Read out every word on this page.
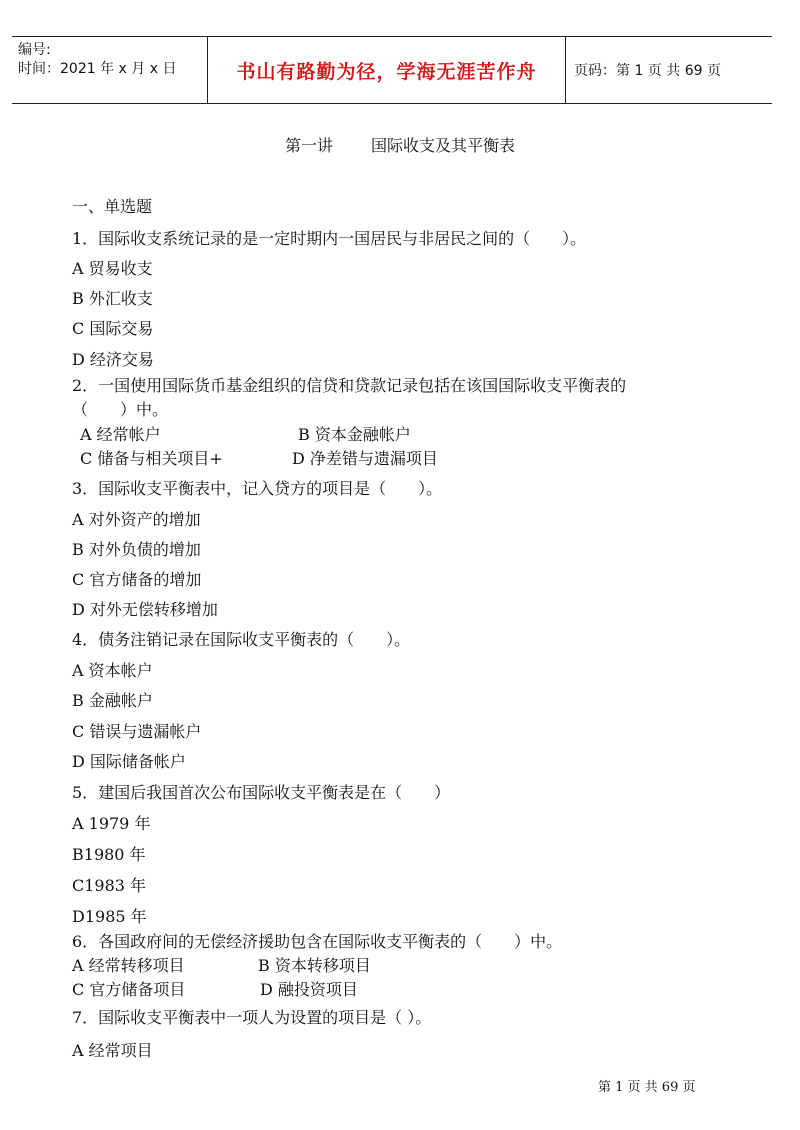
编号:
时间：2021 年 x 月 x 日	书山有路勤为径，学海无涯苦作舟	页码：第 1 页 共 69 页
第一讲 国际收支及其平衡表
一、单选题
1．国际收支系统记录的是一定时期内一国居民与非居民之间的（　　）。
A 贸易收支
B 外汇收支
C 国际交易
D 经济交易
2．一国使用国际货币基金组织的信贷和贷款记录包括在该国国际收支平衡表的
（　　）中。
A 经常帐户	B 资本金融帐户
C 储备与相关项目+	D 净差错与遗漏项目
3．国际收支平衡表中，记入贷方的项目是（　　）。
A 对外资产的增加
B 对外负债的增加
C 官方储备的增加
D 对外无偿转移增加
4．债务注销记录在国际收支平衡表的（　　）。
A 资本帐户
B 金融帐户
C 错误与遗漏帐户
D 国际储备帐户
5．建国后我国首次公布国际收支平衡表是在（　　）
A 1979 年
B1980 年
C1983 年
D1985 年
6．各国政府间的无偿经济援助包含在国际收支平衡表的（　　）中。
A 经常转移项目	B 资本转移项目
C 官方储备项目	D 融投资项目
7．国际收支平衡表中一项人为设置的项目是（ ）。
A 经常项目
第 1 页 共 69 页
